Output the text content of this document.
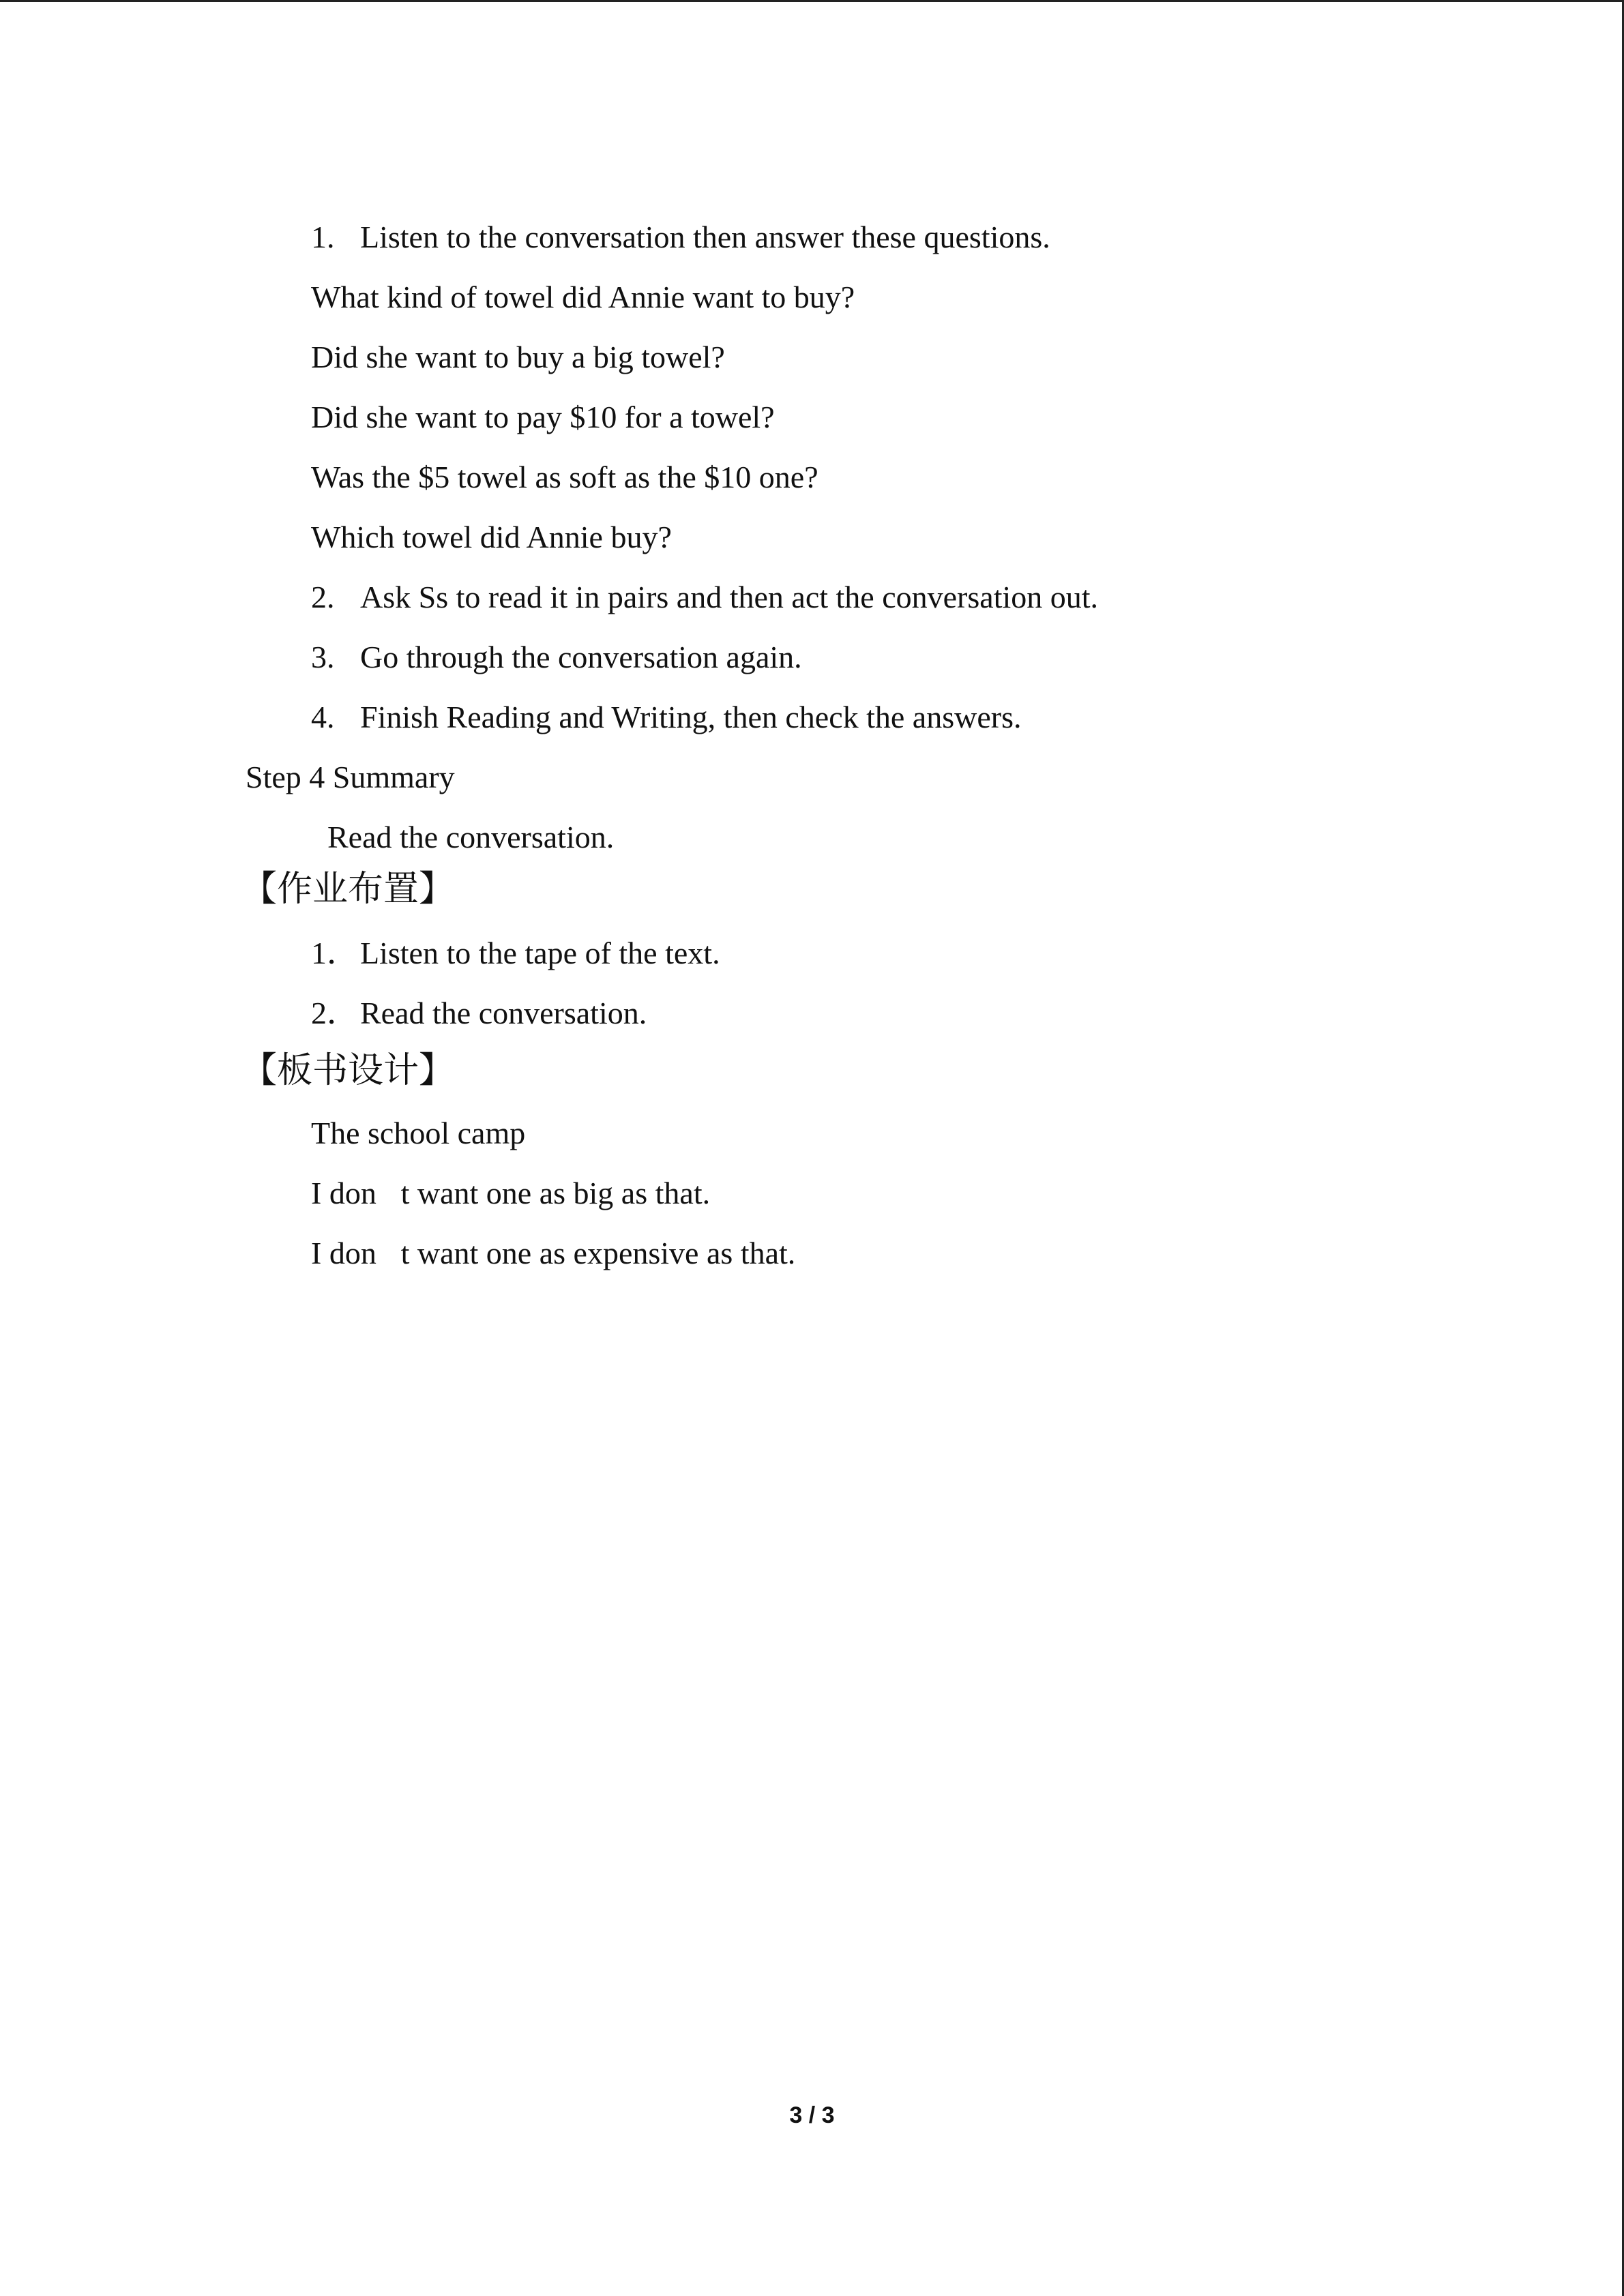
1. Listen to the conversation then answer these questions.
What kind of towel did Annie want to buy?
Did she want to buy a big towel?
Did she want to pay $10 for a towel?
Was the $5 towel as soft as the $10 one?
Which towel did Annie buy?
2. Ask Ss to read it in pairs and then act the conversation out.
3. Go through the conversation again.
4. Finish Reading and Writing, then check the answers.
Step 4 Summary
Read the conversation.
【作业布置】
1．Listen to the tape of the text.
2．Read the conversation.
【板书设计】
The school camp
I don t want one as big as that.
I don t want one as expensive as that.
3 / 3
